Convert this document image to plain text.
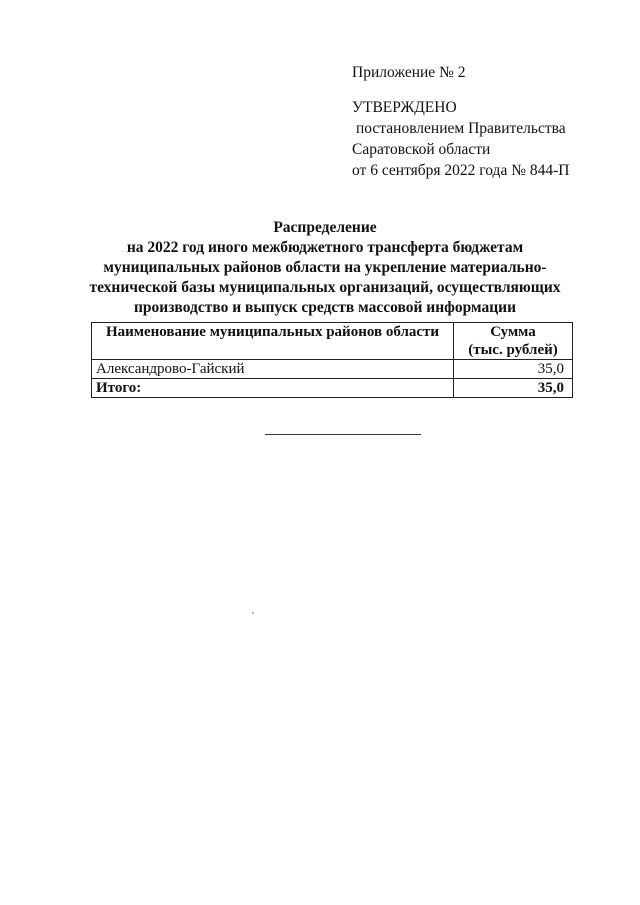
Приложение № 2
УТВЕРЖДЕНО
постановлением Правительства
Саратовской области
от 6 сентября 2022 года № 844-П
Распределение
на 2022 год иного межбюджетного трансферта бюджетам
муниципальных районов области на укрепление материально-
технической базы муниципальных организаций, осуществляющих
производство и выпуск средств массовой информации
Наименование муниципальных районов области	Сумма
(тыс. рублей)
Александрово-Гайский	35,0
Итого:	35,0
